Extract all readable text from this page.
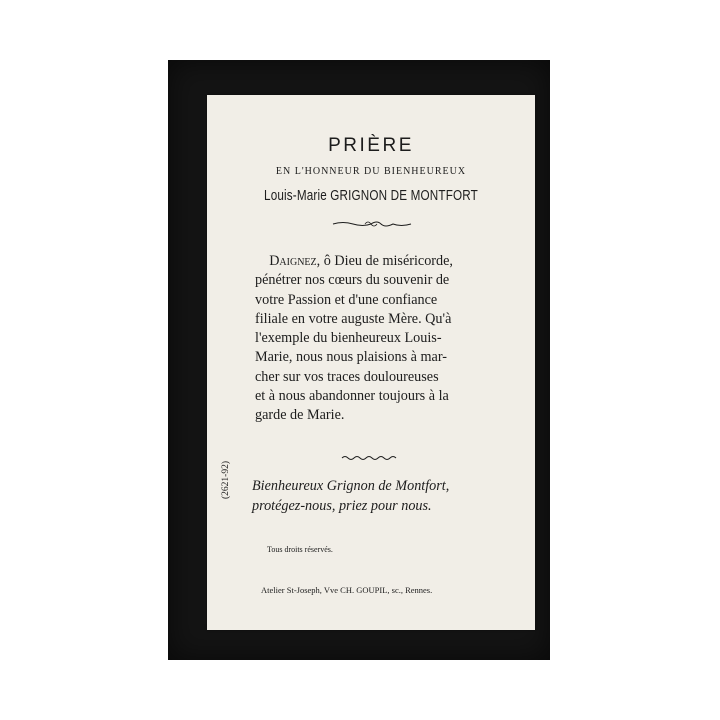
PRIÈRE
EN L'HONNEUR DU BIENHEUREUX
Louis-Marie GRIGNON DE MONTFORT
 Daignez, ô Dieu de miséricorde,
pénétrer nos cœurs du souvenir de
votre Passion et d'une confiance
filiale en votre auguste Mère. Qu'à
l'exemple du bienheureux Louis-
Marie, nous nous plaisions à mar-
cher sur vos traces douloureuses
et à nous abandonner toujours à la
garde de Marie.
Bienheureux Grignon de Montfort,
protégez-nous, priez pour nous.
(2621-92)
Tous droits réservés.
Atelier St-Joseph, Vve CH. GOUPIL, sc., Rennes.
